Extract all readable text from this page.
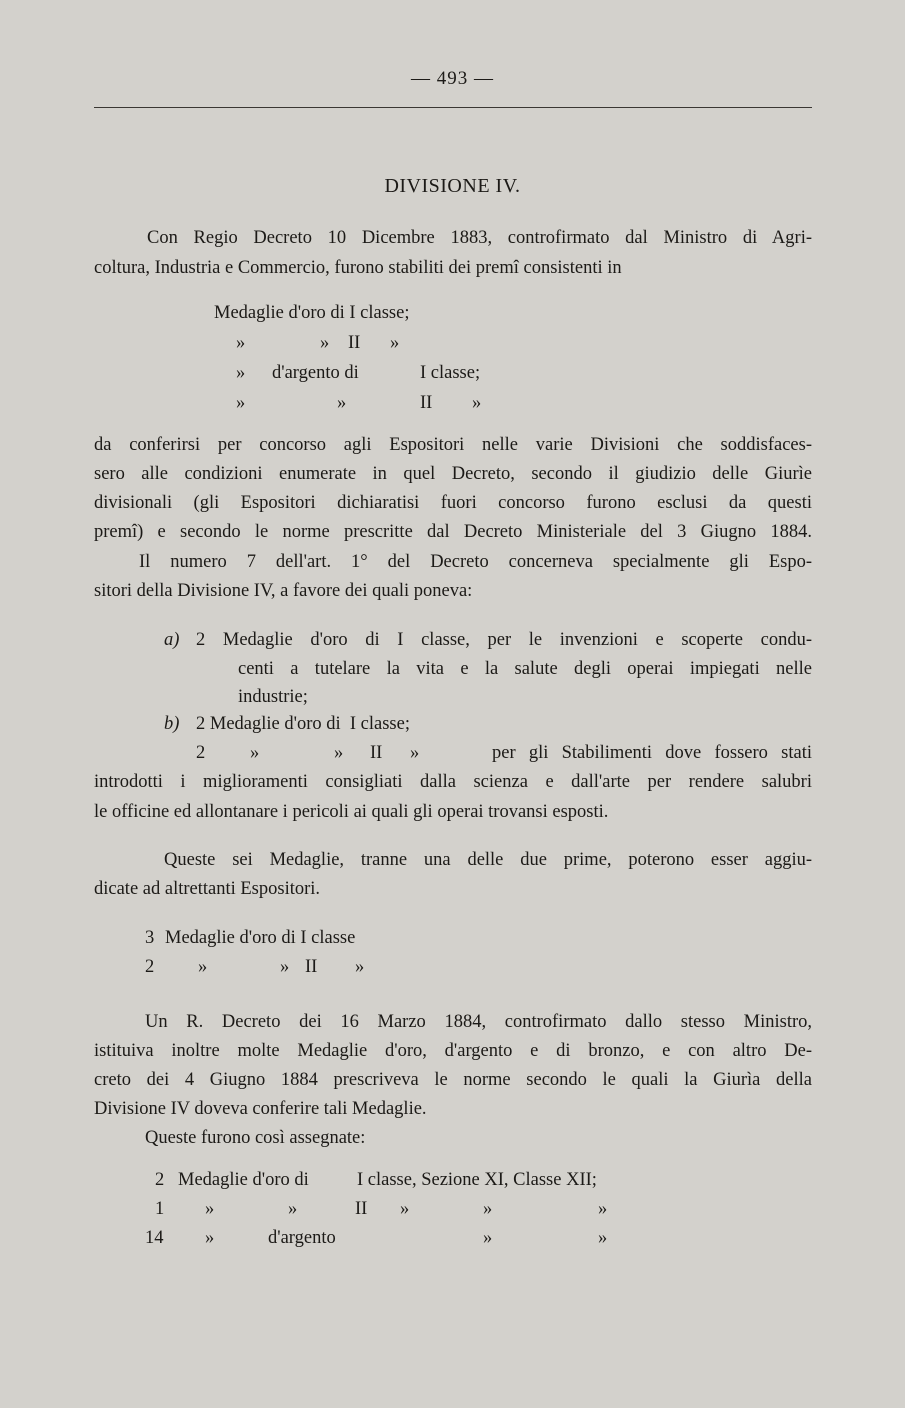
— 493 —
DIVISIONE IV.
Con Regio Decreto 10 Dicembre 1883, controfirmato dal Ministro di Agri-
coltura, Industria e Commercio, furono stabiliti dei premî consistenti in
Medaglie d'oro di I classe;
»	» II »
» d'argento di	I classe;
»	»	II »
da conferirsi per concorso agli Espositori nelle varie Divisioni che soddisfaces-
sero alle condizioni enumerate in quel Decreto, secondo il giudizio delle Giurìe
divisionali (gli Espositori dichiaratisi fuori concorso furono esclusi da questi
premî) e secondo le norme prescritte dal Decreto Ministeriale del 3 Giugno 1884.
Il numero 7 dell'art. 1° del Decreto concerneva specialmente gli Espo-
sitori della Divisione IV, a favore dei quali poneva:
a) 2 Medaglie d'oro di I classe, per le invenzioni e scoperte condu-
centi a tutelare la vita e la salute degli operai impiegati nelle
industrie;
b) 2 Medaglie d'oro di  I classe;
2 »	» II »	per gli Stabilimenti dove fossero stati
introdotti i miglioramenti consigliati dalla scienza e dall'arte per rendere salubri
le officine ed allontanare i pericoli ai quali gli operai trovansi esposti.
Queste sei Medaglie, tranne una delle due prime, poterono esser aggiu-
dicate ad altrettanti Espositori.
3 Medaglie d'oro di I classe
2 »	» II »
Un R. Decreto dei 16 Marzo 1884, controfirmato dallo stesso Ministro,
istituiva inoltre molte Medaglie d'oro, d'argento e di bronzo, e con altro De-
creto dei 4 Giugno 1884 prescriveva le norme secondo le quali la Giurìa della
Divisione IV doveva conferire tali Medaglie.
Queste furono così assegnate:
2 Medaglie d'oro di	I classe, Sezione XI, Classe XII;
1 »	»	II »	»	»
14 »	d'argento	»	»
